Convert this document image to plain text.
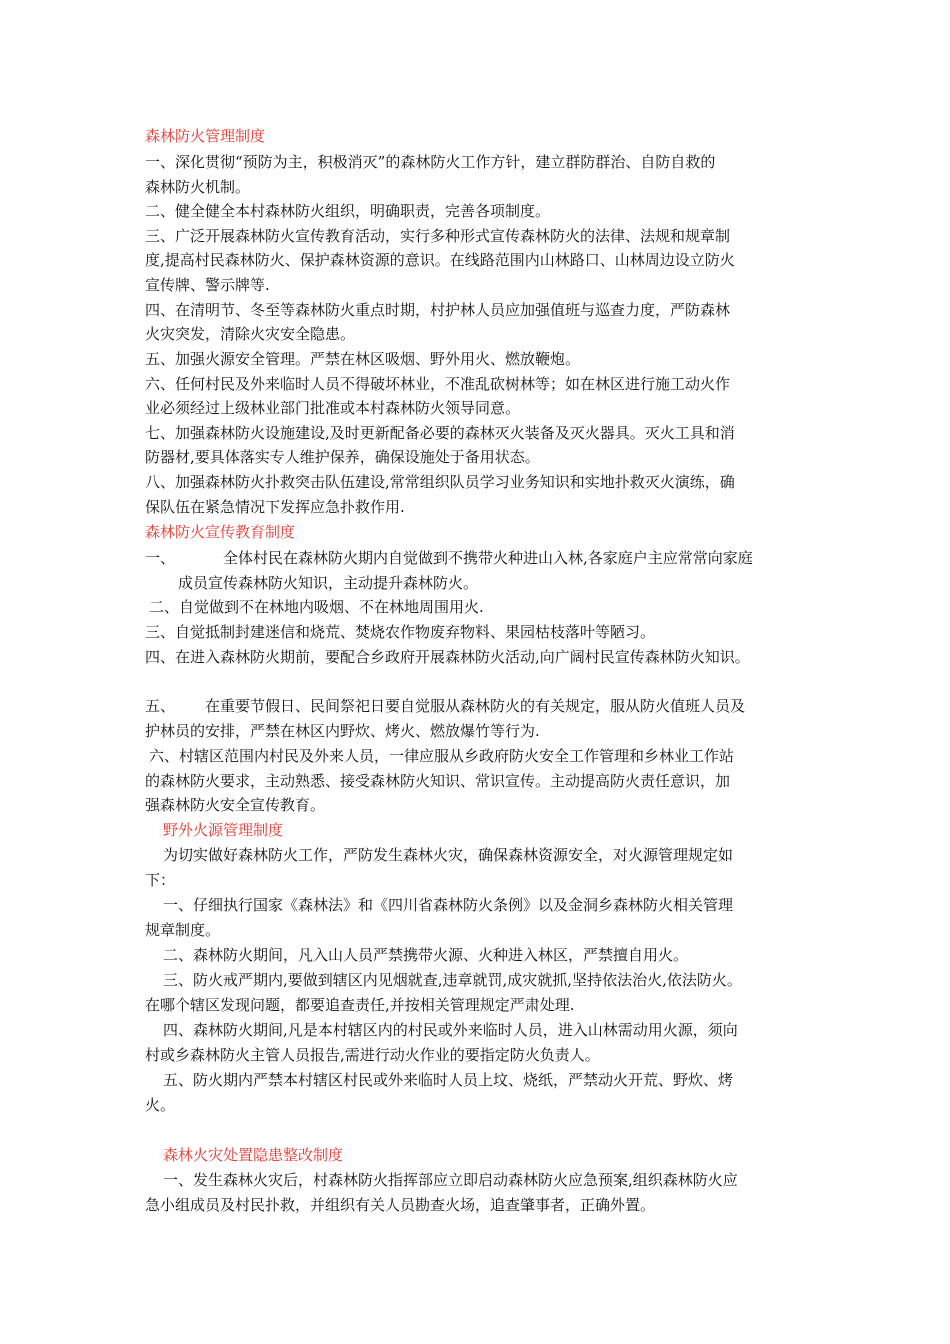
森林防火管理制度
一、深化贯彻“预防为主，积极消灭”的森林防火工作方针，建立群防群治、自防自救的
森林防火机制。
二、健全健全本村森林防火组织，明确职责，完善各项制度。
三、广泛开展森林防火宣传教育活动，实行多种形式宣传森林防火的法律、法规和规章制
度,提高村民森林防火、保护森林资源的意识。在线路范围内山林路口、山林周边设立防火
宣传牌、警示牌等.
四、在清明节、冬至等森林防火重点时期，村护林人员应加强值班与巡查力度，严防森林
火灾突发，清除火灾安全隐患。
五、加强火源安全管理。严禁在林区吸烟、野外用火、燃放鞭炮。
六、任何村民及外来临时人员不得破坏林业，不准乱砍树林等；如在林区进行施工动火作
业必须经过上级林业部门批准或本村森林防火领导同意。
七、加强森林防火设施建设,及时更新配备必要的森林灭火装备及灭火器具。灭火工具和消
防器材,要具体落实专人维护保养，确保设施处于备用状态。
八、加强森林防火扑救突击队伍建设,常常组织队员学习业务知识和实地扑救灭火演练，确
保队伍在紧急情况下发挥应急扑救作用.
森林防火宣传教育制度
一、	全体村民在森林防火期内自觉做到不携带火种进山入林,各家庭户主应常常向家庭
成员宣传森林防火知识，主动提升森林防火。
二、自觉做到不在林地内吸烟、不在林地周围用火.
三、自觉抵制封建迷信和烧荒、焚烧农作物废弃物料、果园枯枝落叶等陋习。
四、在进入森林防火期前，要配合乡政府开展森林防火活动,向广阔村民宣传森林防火知识。
五、 在重要节假日、民间祭祀日要自觉服从森林防火的有关规定，服从防火值班人员及
护林员的安排，严禁在林区内野炊、烤火、燃放爆竹等行为.
六、村辖区范围内村民及外来人员，一律应服从乡政府防火安全工作管理和乡林业工作站
的森林防火要求，主动熟悉、接受森林防火知识、常识宣传。主动提高防火责任意识，加
强森林防火安全宣传教育。
野外火源管理制度
为切实做好森林防火工作，严防发生森林火灾，确保森林资源安全，对火源管理规定如
下：
一、仔细执行国家《森林法》和《四川省森林防火条例》以及金洞乡森林防火相关管理
规章制度。
二、森林防火期间，凡入山人员严禁携带火源、火种进入林区，严禁擅自用火。
三、防火戒严期内,要做到辖区内见烟就查,违章就罚,成灾就抓,坚持依法治火,依法防火。
在哪个辖区发现问题，都要追查责任,并按相关管理规定严肃处理.
四、森林防火期间,凡是本村辖区内的村民或外来临时人员，进入山林需动用火源，须向
村或乡森林防火主管人员报告,需进行动火作业的要指定防火负责人。
五、防火期内严禁本村辖区村民或外来临时人员上坟、烧纸，严禁动火开荒、野炊、烤
火。
森林火灾处置隐患整改制度
一、发生森林火灾后，村森林防火指挥部应立即启动森林防火应急预案,组织森林防火应
急小组成员及村民扑救，并组织有关人员勘查火场，追查肇事者，正确外置。
